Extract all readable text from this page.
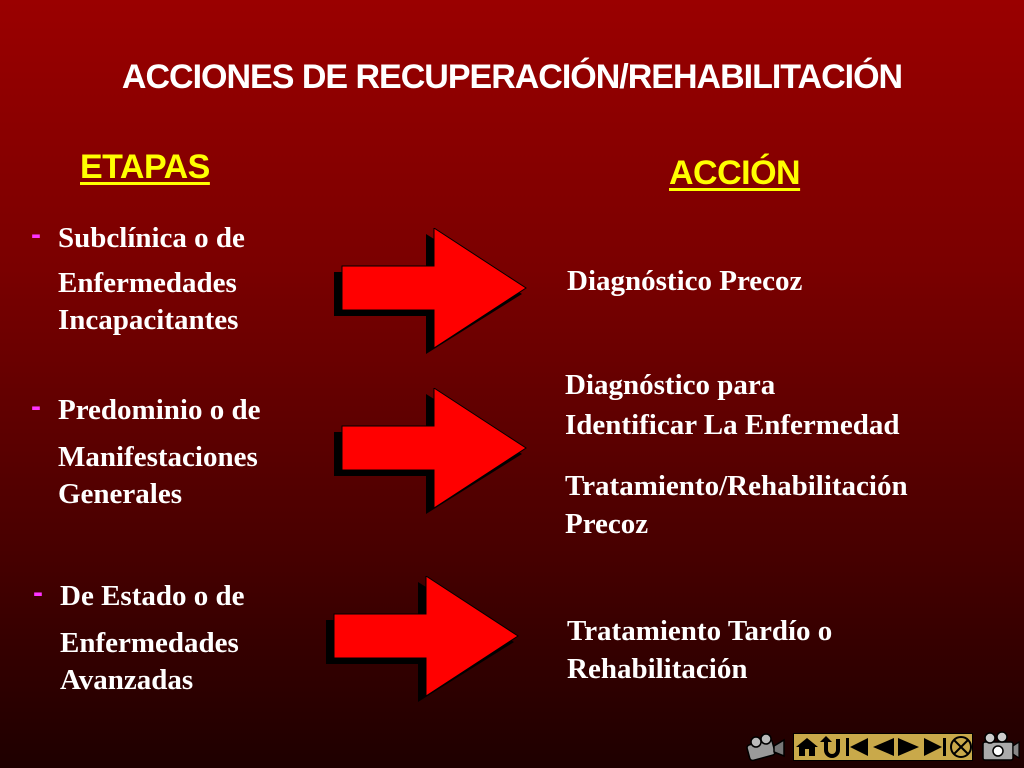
ACCIONES DE RECUPERACIÓN/REHABILITACIÓN
ETAPAS	ACCIÓN
- Subclínica o de
Enfermedades
Incapacitantes
- Predominio o de
Manifestaciones
Generales
- De Estado o de
Enfermedades
Avanzadas
Diagnóstico Precoz
Diagnóstico para
Identificar La Enfermedad
Tratamiento/Rehabilitación
Precoz
Tratamiento Tardío o
Rehabilitación
